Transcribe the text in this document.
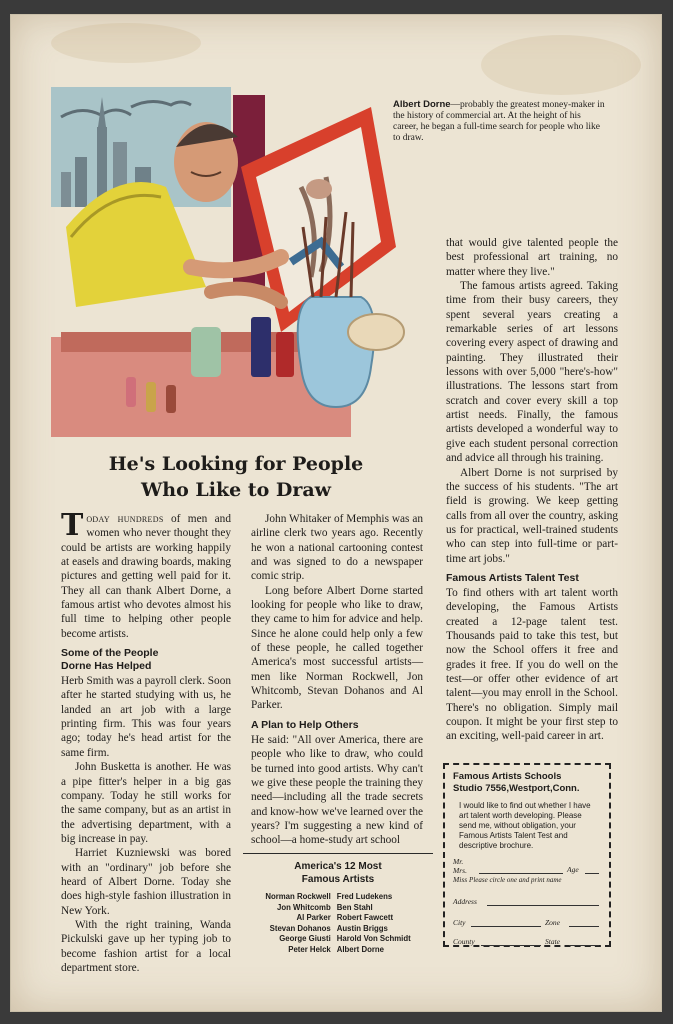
Albert Dorne—probably the greatest money-maker in the history of commercial art. At the height of his career, he began a full-time search for people who like to draw.
He's Looking for People
Who Like to Draw

Today hundreds of men and women who never thought they could be artists are working happily at easels and drawing boards, making pictures and getting well paid for it. They all can thank Albert Dorne, a famous artist who devotes almost his full time to helping other people become artists.

Some of the People
Dorne Has Helped

Herb Smith was a payroll clerk. Soon after he started studying with us, he landed an art job with a large printing firm. This was four years ago; today he's head artist for the same firm.

John Busketta is another. He was a pipe fitter's helper in a big gas company. Today he still works for the same company, but as an artist in the advertising department, with a big increase in pay.

Harriet Kuzniewski was bored with an "ordinary" job before she heard of Albert Dorne. Today she does high-style fashion illustration in New York.

With the right training, Wanda Pickulski gave up her typing job to become fashion artist for a local department store.

John Whitaker of Memphis was an airline clerk two years ago. Recently he won a national cartooning contest and was signed to do a newspaper comic strip.

Long before Albert Dorne started looking for people who like to draw, they came to him for advice and help. Since he alone could help only a few of these people, he called together America's most successful artists—men like Norman Rockwell, Jon Whitcomb, Stevan Dohanos and Al Parker.

A Plan to Help Others

He said: "All over America, there are people who like to draw, who could be turned into good artists. Why can't we give these people the training they need—including all the trade secrets and know-how we've learned over the years? I'm suggesting a new kind of school—a home-study art school

America's 12 Most
Famous Artists
Norman Rockwell	Fred Ludekens
Jon Whitcomb	Ben Stahl
Al Parker	Robert Fawcett
Stevan Dohanos	Austin Briggs
George Giusti	Harold Von Schmidt
Peter Helck	Albert Dorne

that would give talented people the best professional art training, no matter where they live."

The famous artists agreed. Taking time from their busy careers, they spent several years creating a remarkable series of art lessons covering every aspect of drawing and painting. They illustrated their lessons with over 5,000 "here's-how" illustrations. The lessons start from scratch and cover every skill a top artist needs. Finally, the famous artists developed a wonderful way to give each student personal correction and advice all through his training.

Albert Dorne is not surprised by the success of his students. "The art field is growing. We keep getting calls from all over the country, asking us for practical, well-trained students who can step into full-time or part-time art jobs."

Famous Artists Talent Test

To find others with art talent worth developing, the Famous Artists created a 12-page talent test. Thousands paid to take this test, but now the School offers it free and grades it free. If you do well on the test—or offer other evidence of art talent—you may enroll in the School. There's no obligation. Simply mail coupon. It might be your first step to an exciting, well-paid career in art.

Famous Artists Schools
Studio 7556,Westport,Conn.
I would like to find out whether I have art talent worth developing. Please send me, without obligation, your Famous Artists Talent Test and descriptive brochure.
Mr.
Mrs.
Miss Please circle one and print name
Age
Address
City	Zone
County	State
